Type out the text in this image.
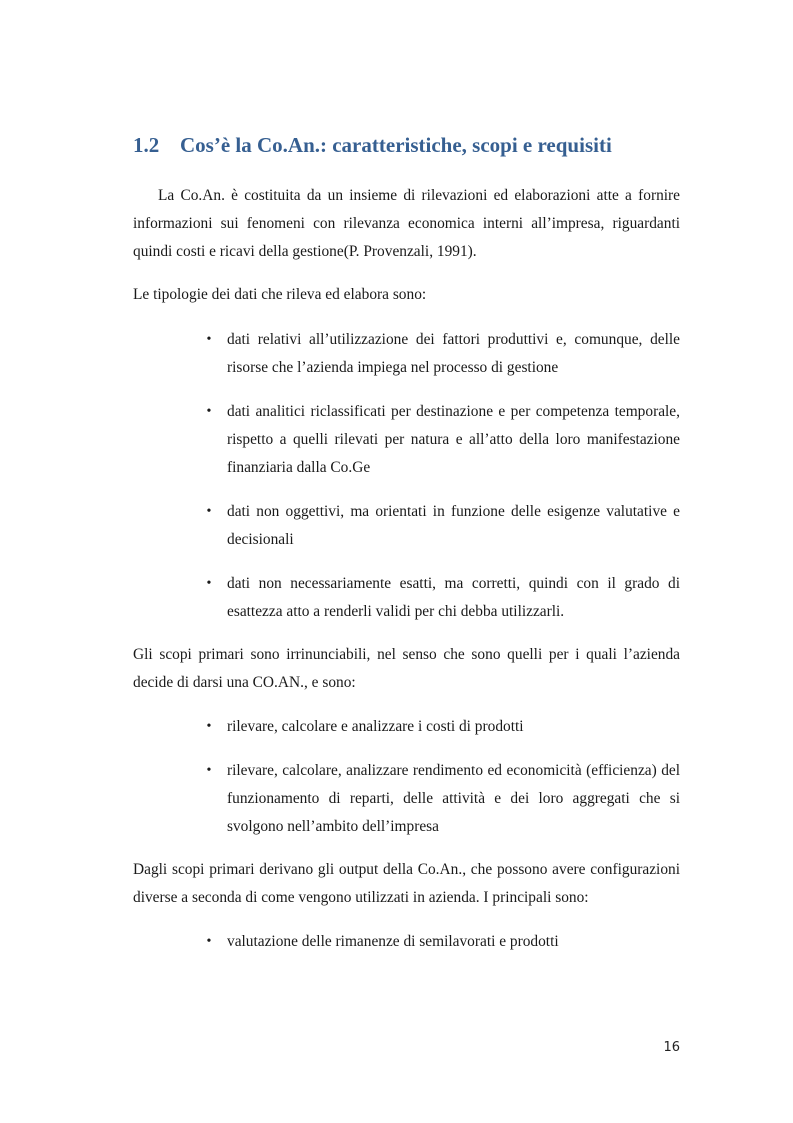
1.2 Cos’è la Co.An.: caratteristiche, scopi e requisiti

La Co.An. è costituita da un insieme di rilevazioni ed elaborazioni atte a fornire informazioni sui fenomeni con rilevanza economica interni all’impresa, riguardanti quindi costi e ricavi della gestione(P. Provenzali, 1991).

Le tipologie dei dati che rileva ed elabora sono:

• dati relativi all’utilizzazione dei fattori produttivi e, comunque, delle risorse che l’azienda impiega nel processo di gestione
• dati analitici riclassificati per destinazione e per competenza temporale, rispetto a quelli rilevati per natura e all’atto della loro manifestazione finanziaria dalla Co.Ge
• dati non oggettivi, ma orientati in funzione delle esigenze valutative e decisionali
• dati non necessariamente esatti, ma corretti, quindi con il grado di esattezza atto a renderli validi per chi debba utilizzarli.

Gli scopi primari sono irrinunciabili, nel senso che sono quelli per i quali l’azienda decide di darsi una CO.AN., e sono:

• rilevare, calcolare e analizzare i costi di prodotti
• rilevare, calcolare, analizzare rendimento ed economicità (efficienza) del funzionamento di reparti, delle attività e dei loro aggregati che si svolgono nell’ambito dell’impresa

Dagli scopi primari derivano gli output della Co.An., che possono avere configurazioni diverse a seconda di come vengono utilizzati in azienda. I principali sono:

• valutazione delle rimanenze di semilavorati e prodotti
16
